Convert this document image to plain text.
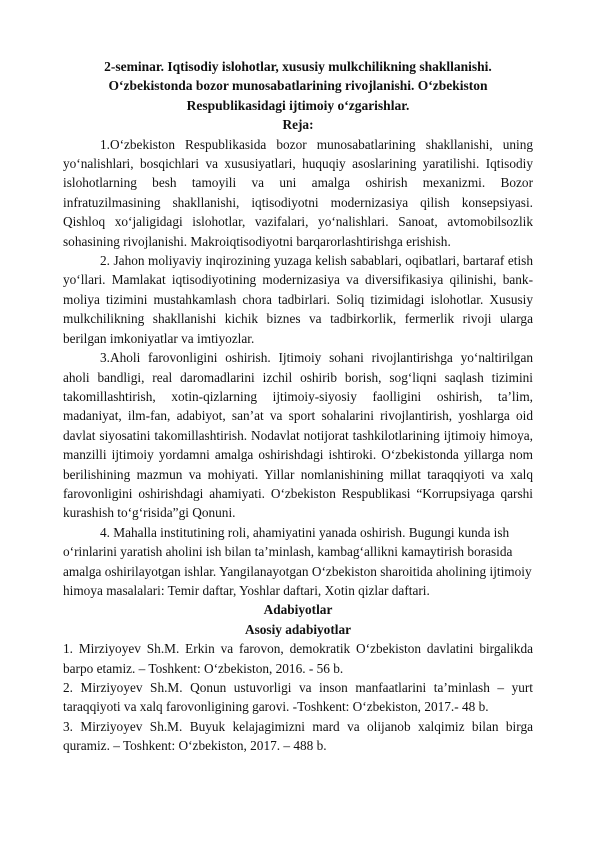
2-seminar. Iqtisodiy islohotlar, xususiy mulkchilikning shakllanishi.
O‘zbekistonda bozor munosabatlarining rivojlanishi. O‘zbekiston
Respublikasidagi ijtimoiy o‘zgarishlar.

Reja:

1.O‘zbekiston Respublikasida bozor munosabatlarining shakllanishi, uning yo‘nalishlari, bosqichlari va xususiyatlari, huquqiy asoslarining yaratilishi. Iqtisodiy islohotlarning besh tamoyili va uni amalga oshirish mexanizmi. Bozor infratuzilmasining shakllanishi, iqtisodiyotni modernizasiya qilish konsepsiyasi. Qishloq xo‘jaligidagi islohotlar, vazifalari, yo‘nalishlari. Sanoat, avtomobilsozlik sohasining rivojlanishi. Makroiqtisodiyotni barqarorlashtirishga erishish.

2. Jahon moliyaviy inqirozining yuzaga kelish sabablari, oqibatlari, bartaraf etish yo‘llari. Mamlakat iqtisodiyotining modernizasiya va diversifikasiya qilinishi, bank-moliya tizimini mustahkamlash chora tadbirlari. Soliq tizimidagi islohotlar. Xususiy mulkchilikning shakllanishi kichik biznes va tadbirkorlik, fermerlik rivoji ularga berilgan imkoniyatlar va imtiyozlar.

3.Aholi farovonligini oshirish. Ijtimoiy sohani rivojlantirishga yo‘naltirilgan aholi bandligi, real daromadlarini izchil oshirib borish, sog‘liqni saqlash tizimini takomillashtirish, xotin-qizlarning ijtimoiy-siyosiy faolligini oshirish, ta’lim, madaniyat, ilm-fan, adabiyot, san’at va sport sohalarini rivojlantirish, yoshlarga oid davlat siyosatini takomillashtirish. Nodavlat notijorat tashkilotlarining ijtimoiy himoya, manzilli ijtimoiy yordamni amalga oshirishdagi ishtiroki. O‘zbekistonda yillarga nom berilishining mazmun va mohiyati. Yillar nomlanishining millat taraqqiyoti va xalq farovonligini oshirishdagi ahamiyati. O‘zbekiston Respublikasi “Korrupsiyaga qarshi kurashish to‘g‘risida”gi Qonuni.

4. Mahalla institutining roli, ahamiyatini yanada oshirish. Bugungi kunda ish o‘rinlarini yaratish aholini ish bilan ta’minlash, kambag‘allikni kamaytirish borasida amalga oshirilayotgan ishlar. Yangilanayotgan O‘zbekiston sharoitida aholining ijtimoiy himoya masalalari: Temir daftar, Yoshlar daftari, Xotin qizlar daftari.

Adabiyotlar

Asosiy adabiyotlar

1. Mirziyoyev Sh.M. Erkin va farovon, demokratik O‘zbekiston davlatini birgalikda barpo etamiz. – Toshkent: O‘zbekiston, 2016. - 56 b.

2. Mirziyoyev Sh.M. Qonun ustuvorligi va inson manfaatlarini ta’minlash – yurt taraqqiyoti va xalq farovonligining garovi. -Toshkent: O‘zbekiston, 2017.- 48 b.

3. Mirziyoyev Sh.M. Buyuk kelajagimizni mard va olijanob xalqimiz bilan birga quramiz. – Toshkent: O‘zbekiston, 2017. – 488 b.
